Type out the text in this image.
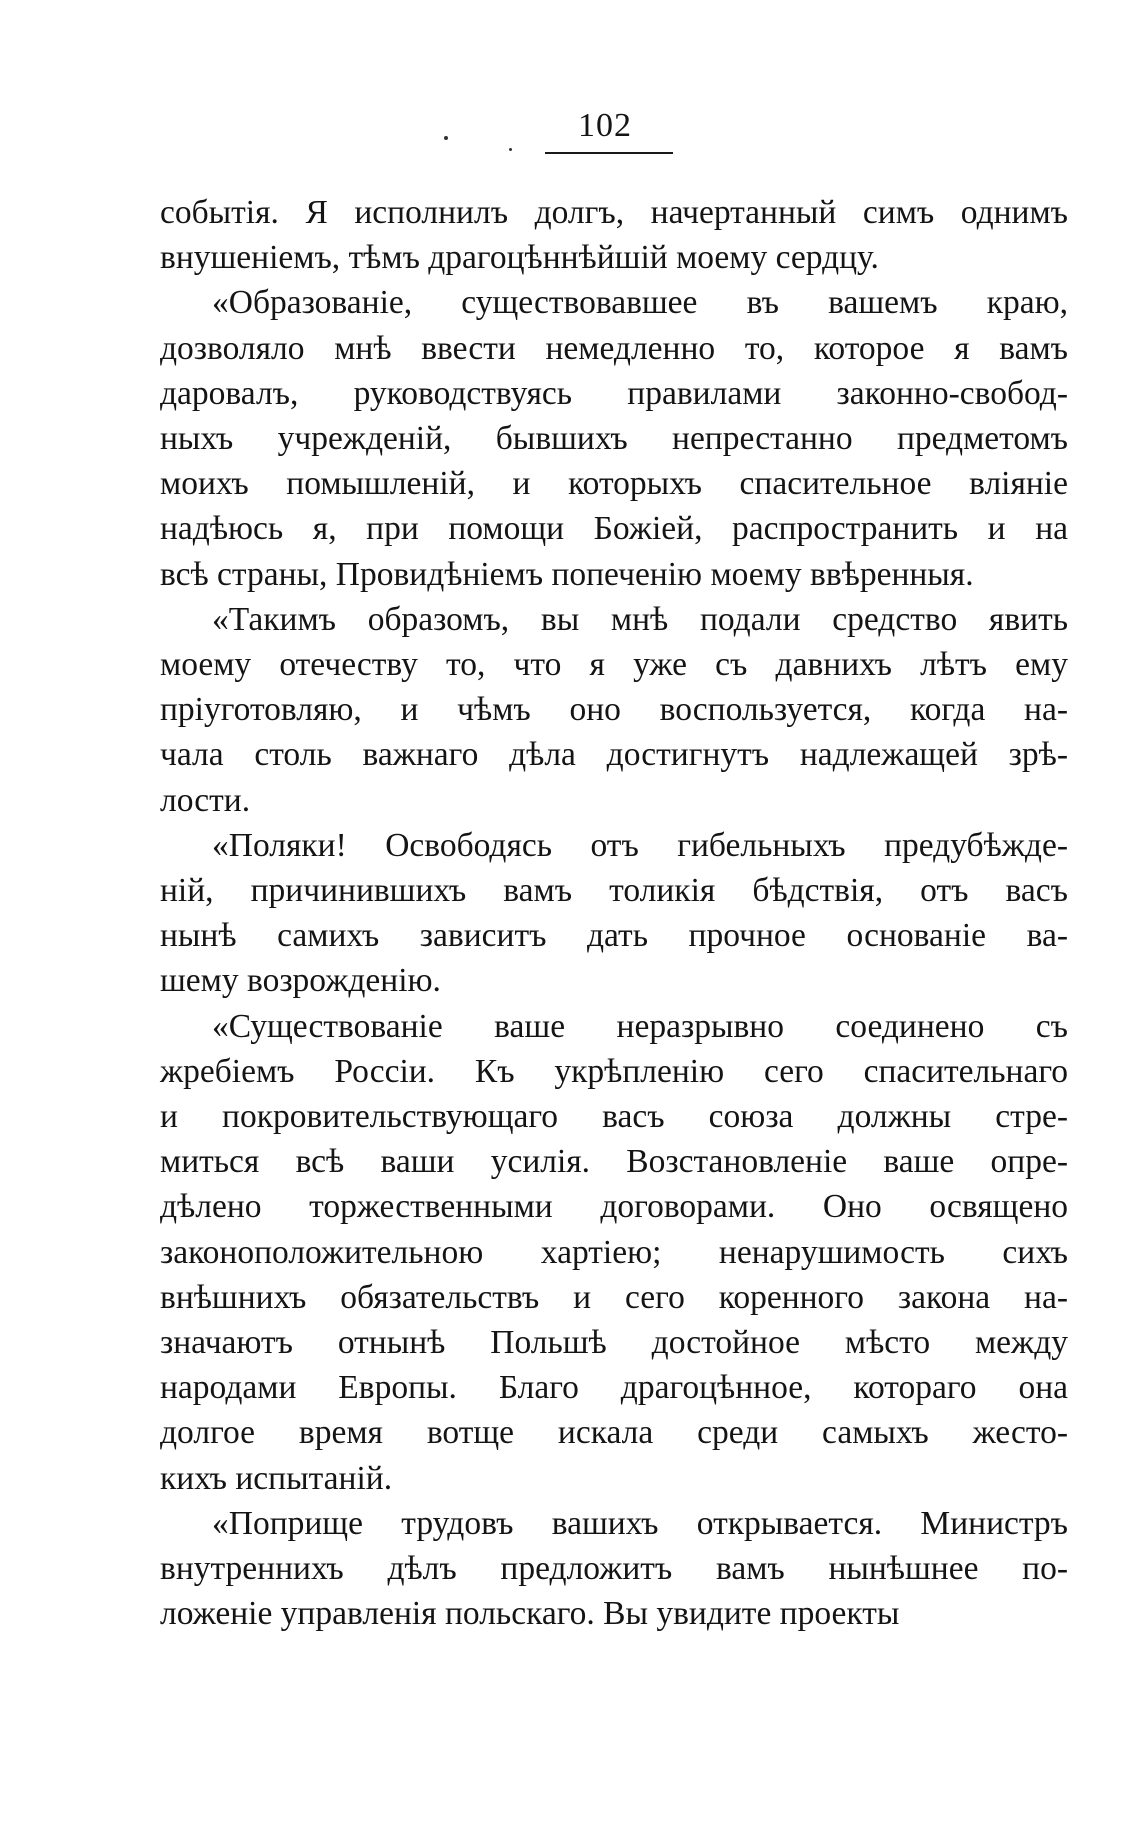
102

событія. Я исполнилъ долгъ, начертанный симъ однимъ
внушеніемъ, тѣмъ драгоцѣннѣйшій моему сердцу.

«Образованіе, существовавшее въ вашемъ краю,
дозволяло мнѣ ввести немедленно то, которое я вамъ
даровалъ, руководствуясь правилами законно-свобод-
ныхъ учрежденій, бывшихъ непрестанно предметомъ
моихъ помышленій, и которыхъ спасительное вліяніе
надѣюсь я, при помощи Божіей, распространить и на
всѣ страны, Провидѣніемъ попеченію моему ввѣренныя.

«Такимъ образомъ, вы мнѣ подали средство явить
моему отечеству то, что я уже съ давнихъ лѣтъ ему
пріуготовляю, и чѣмъ оно воспользуется, когда на-
чала столь важнаго дѣла достигнутъ надлежащей зрѣ-
лости.

«Поляки! Освободясь отъ гибельныхъ предубѣжде-
ній, причинившихъ вамъ толикія бѣдствія, отъ васъ
нынѣ самихъ зависитъ дать прочное основаніе ва-
шему возрожденію.

«Существованіе ваше неразрывно соединено съ
жребіемъ Россіи. Къ укрѣпленію сего спасительнаго
и покровительствующаго васъ союза должны стре-
миться всѣ ваши усилія. Возстановленіе ваше опре-
дѣлено торжественными договорами. Оно освящено
законоположительною хартіею; ненарушимость сихъ
внѣшнихъ обязательствъ и сего коренного закона на-
значаютъ отнынѣ Польшѣ достойное мѣсто между
народами Европы. Благо драгоцѣнное, котораго она
долгое время вотще искала среди самыхъ жесто-
кихъ испытаній.

«Поприще трудовъ вашихъ открывается. Министръ
внутреннихъ дѣлъ предложитъ вамъ нынѣшнее по-
ложеніе управленія польскаго. Вы увидите проекты
